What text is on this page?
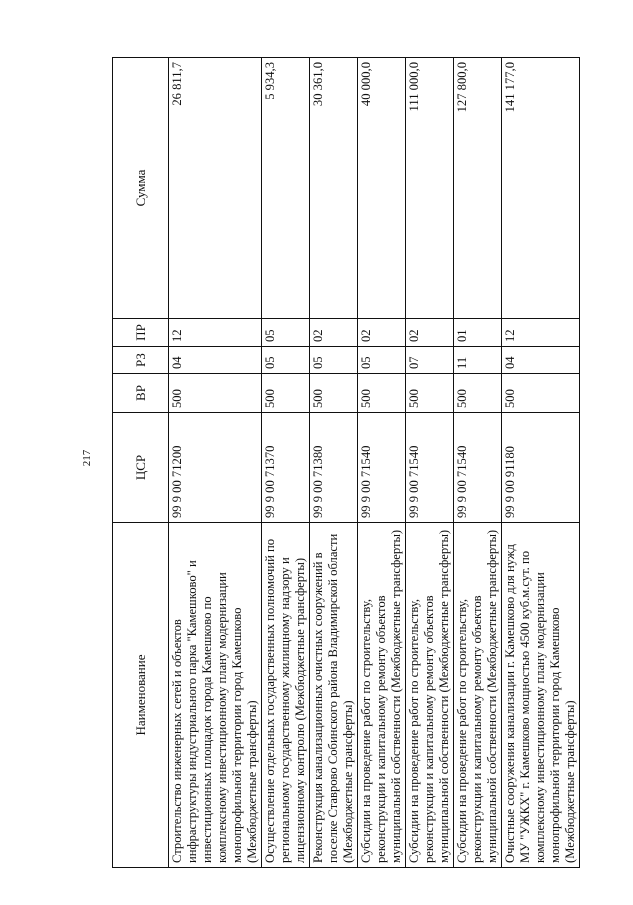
217
Наименование	ЦСР	ВР	РЗ	ПР	Сумма
Строительство инженерных сетей и объектов инфраструктуры индустриального парка "Камешково" и инвестиционных площадок города Камешково по комплексному инвестиционному плану модернизации монопрофильной территории город Камешково (Межбюджетные трансферты)	99 9 00 71200	500	04	12	26 811,7
Осуществление отдельных государственных полномочий по региональному государственному жилищному надзору и лицензионному контролю (Межбюджетные трансферты)	99 9 00 71370	500	05	05	5 934,3
Реконструкция канализационных очистных сооружений в поселке Ставрово Собинского района Владимирской области (Межбюджетные трансферты)	99 9 00 71380	500	05	02	30 361,0
Субсидии на проведение работ по строительству, реконструкции и капитальному ремонту объектов муниципальной собственности (Межбюджетные трансферты)	99 9 00 71540	500	05	02	40 000,0
Субсидии на проведение работ по строительству, реконструкции и капитальному ремонту объектов муниципальной собственности (Межбюджетные трансферты)	99 9 00 71540	500	07	02	111 000,0
Субсидии на проведение работ по строительству, реконструкции и капитальному ремонту объектов муниципальной собственности (Межбюджетные трансферты)	99 9 00 71540	500	11	01	127 800,0
Очистные сооружения канализации г. Камешково для нужд МУ "УЖКХ" г. Камешково мощностью 4500 куб.м.сут. по комплексному инвестиционному плану модернизации монопрофильной территории город Камешково (Межбюджетные трансферты)	99 9 00 91180	500	04	12	141 177,0
